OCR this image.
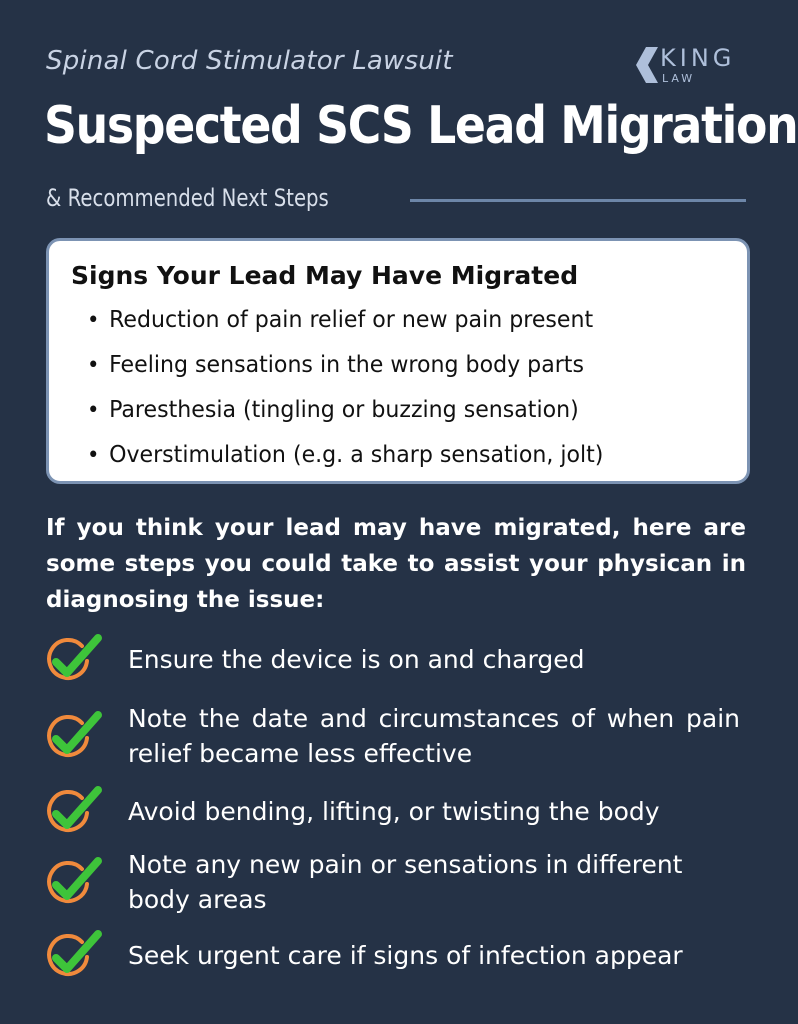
Spinal Cord Stimulator Lawsuit	KING
LAW
Suspected SCS Lead Migration
& Recommended Next Steps
Signs Your Lead May Have Migrated
• Reduction of pain relief or new pain present
• Feeling sensations in the wrong body parts
• Paresthesia (tingling or buzzing sensation)
• Overstimulation (e.g. a sharp sensation, jolt)
If you think your lead may have migrated, here are some steps you could take to assist your physican in diagnosing the issue:
Ensure the device is on and charged
Note the date and circumstances of when pain relief became less effective
Avoid bending, lifting, or twisting the body
Note any new pain or sensations in different body areas
Seek urgent care if signs of infection appear
